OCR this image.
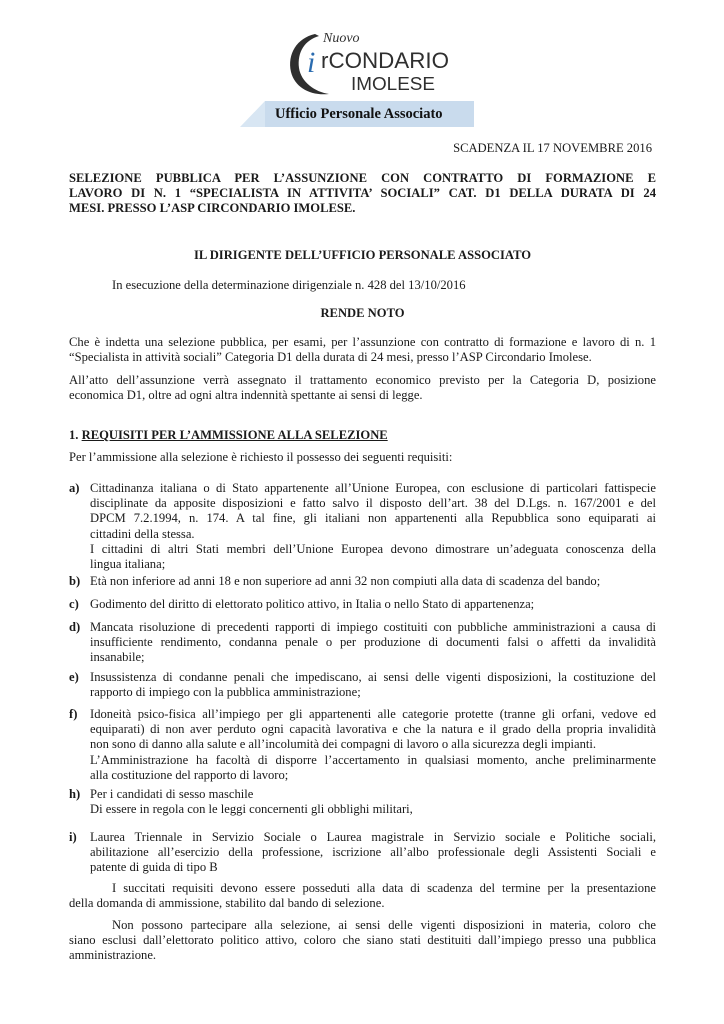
Nuovo
i rCONDARIO
IMOLESE
Ufficio Personale Associato
SCADENZA IL 17 NOVEMBRE 2016
SELEZIONE PUBBLICA PER L’ASSUNZIONE CON CONTRATTO DI FORMAZIONE E
LAVORO DI N. 1 “SPECIALISTA IN ATTIVITA’ SOCIALI” CAT. D1 DELLA DURATA DI 24
MESI. PRESSO L’ASP CIRCONDARIO IMOLESE.
IL DIRIGENTE DELL’UFFICIO PERSONALE ASSOCIATO
In esecuzione della determinazione dirigenziale n. 428 del 13/10/2016
RENDE NOTO
Che è indetta una selezione pubblica, per esami, per l’assunzione con contratto di formazione e lavoro di n. 1
“Specialista in attività sociali” Categoria D1 della durata di 24 mesi, presso l’ASP Circondario Imolese.
All’atto dell’assunzione verrà assegnato il trattamento economico previsto per la Categoria D, posizione
economica D1, oltre ad ogni altra indennità spettante ai sensi di legge.
1. REQUISITI PER L’AMMISSIONE ALLA SELEZIONE
Per l’ammissione alla selezione è richiesto il possesso dei seguenti requisiti:
a) Cittadinanza italiana o di Stato appartenente all’Unione Europea, con esclusione di particolari fattispecie
disciplinate da apposite disposizioni e fatto salvo il disposto dell’art. 38 del D.Lgs. n. 167/2001 e del
DPCM 7.2.1994, n. 174. A tal fine, gli italiani non appartenenti alla Repubblica sono equiparati ai
cittadini della stessa.
I cittadini di altri Stati membri dell’Unione Europea devono dimostrare un’adeguata conoscenza della
lingua italiana;
b) Età non inferiore ad anni 18 e non superiore ad anni 32 non compiuti alla data di scadenza del bando;
c) Godimento del diritto di elettorato politico attivo, in Italia o nello Stato di appartenenza;
d) Mancata risoluzione di precedenti rapporti di impiego costituiti con pubbliche amministrazioni a causa di
insufficiente rendimento, condanna penale o per produzione di documenti falsi o affetti da invalidità
insanabile;
e) Insussistenza di condanne penali che impediscano, ai sensi delle vigenti disposizioni, la costituzione del
rapporto di impiego con la pubblica amministrazione;
f) Idoneità psico-fisica all’impiego per gli appartenenti alle categorie protette (tranne gli orfani, vedove ed
equiparati) di non aver perduto ogni capacità lavorativa e che la natura e il grado della propria invalidità
non sono di danno alla salute e all’incolumità dei compagni di lavoro o alla sicurezza degli impianti.
L’Amministrazione ha facoltà di disporre l’accertamento in qualsiasi momento, anche preliminarmente
alla costituzione del rapporto di lavoro;
h) Per i candidati di sesso maschile
Di essere in regola con le leggi concernenti gli obblighi militari,
i) Laurea Triennale in Servizio Sociale o Laurea magistrale in Servizio sociale e Politiche sociali,
abilitazione all’esercizio della professione, iscrizione all’albo professionale degli Assistenti Sociali e
patente di guida di tipo B
I succitati requisiti devono essere posseduti alla data di scadenza del termine per la presentazione
della domanda di ammissione, stabilito dal bando di selezione.
Non possono partecipare alla selezione, ai sensi delle vigenti disposizioni in materia, coloro che
siano esclusi dall’elettorato politico attivo, coloro che siano stati destituiti dall’impiego presso una pubblica
amministrazione.
